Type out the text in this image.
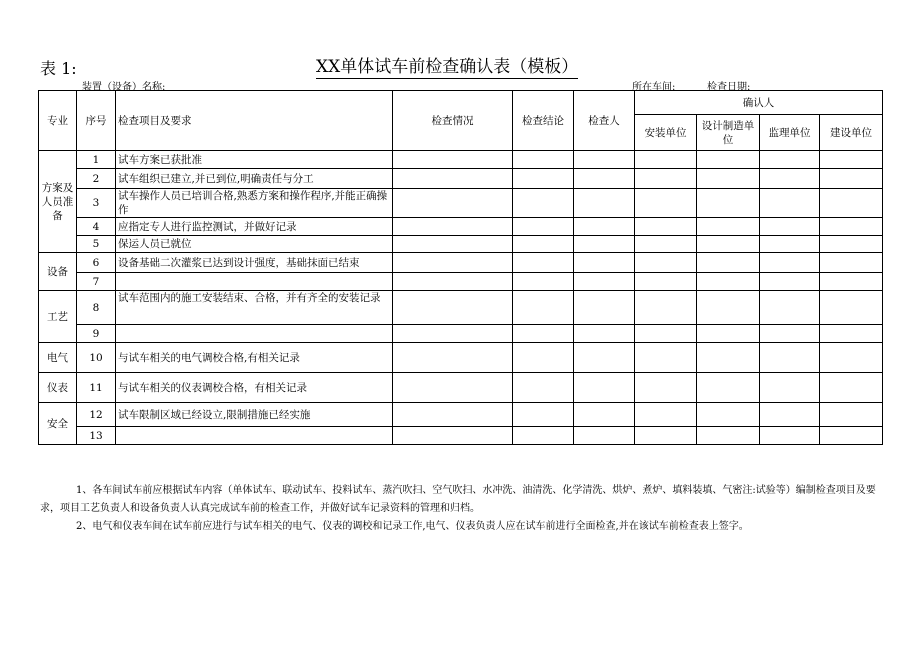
表 1:	XX单体试车前检查确认表（模板）
装置（设备）名称:	所在车间:	检查日期:
专业	序号	检查项目及要求	检查情况	检查结论	检查人	确认人			
						安装单位	设计制造单位	监理单位	建设单位
方案及人员准备	1	试车方案已获批准							
	2	试车组织已建立,并已到位,明确责任与分工							
	3	试车操作人员已培训合格,熟悉方案和操作程序,并能正确操作							
	4	应指定专人进行监控测试，并做好记录							
	5	保运人员已就位							
设备	6	设备基础二次灌浆已达到设计强度，基础抹面已结束							
	7								
工艺	8	试车范围内的施工安装结束、合格，并有齐全的安装记录							
	9								
电气	10	与试车相关的电气调校合格,有相关记录							
仪表	11	与试车相关的仪表调校合格，有相关记录							
安全	12	试车限制区域已经设立,限制措施已经实施							
	13								

1、各车间试车前应根据试车内容（单体试车、联动试车、投料试车、蒸汽吹扫、空气吹扫、水冲洗、油清洗、化学清洗、烘炉、煮炉、填料装填、气密注:试验等）编制检查项目及要求，项目工艺负责人和设备负责人认真完成试车前的检查工作，并做好试车记录资料的管理和归档。

2、电气和仪表车间在试车前应进行与试车相关的电气、仪表的调校和记录工作,电气、仪表负责人应在试车前进行全面检查,并在该试车前检查表上签字。
